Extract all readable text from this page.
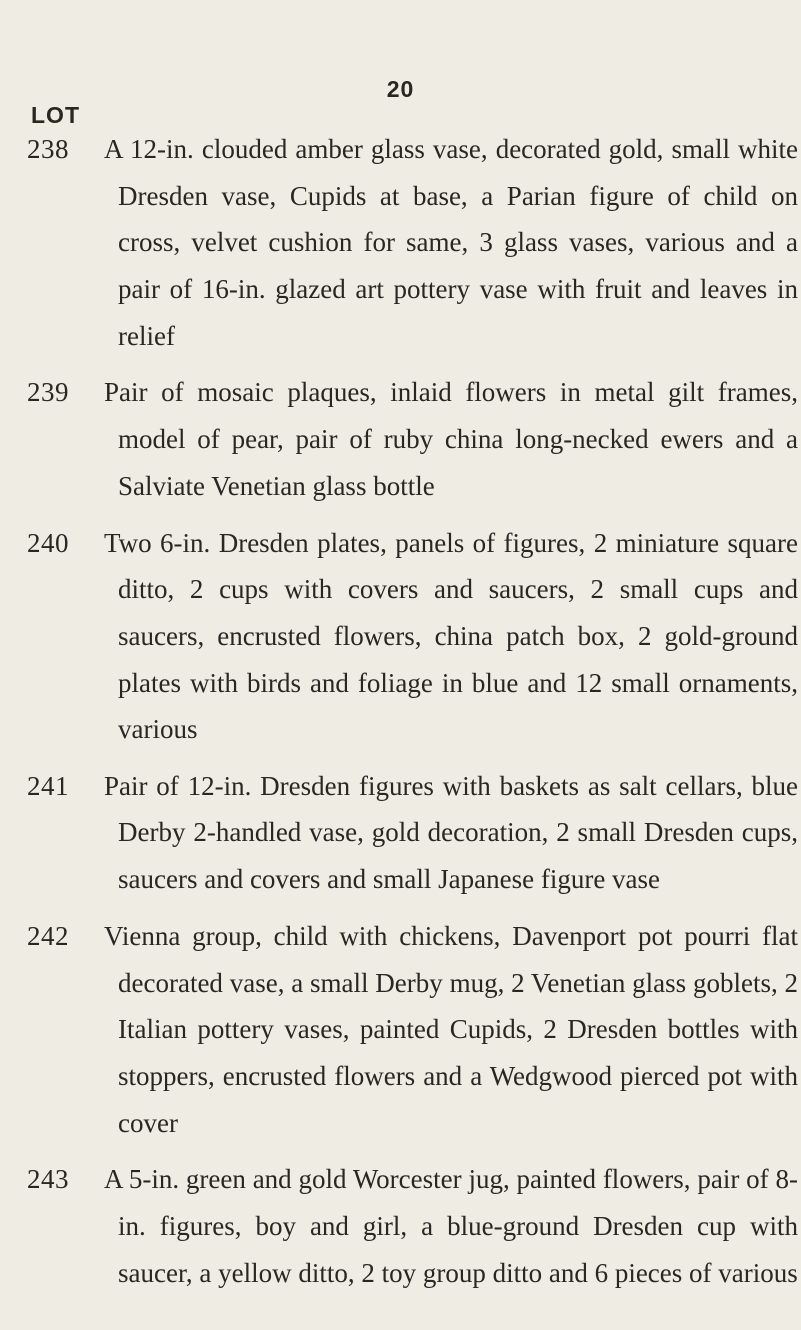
20
LOT
238 A 12-in. clouded amber glass vase, decorated gold, small white Dresden vase, Cupids at base, a Parian figure of child on cross, velvet cushion for same, 3 glass vases, various and a pair of 16-in. glazed art pottery vase with fruit and leaves in relief

239 Pair of mosaic plaques, inlaid flowers in metal gilt frames, model of pear, pair of ruby china long-necked ewers and a Salviate Venetian glass bottle

240 Two 6-in. Dresden plates, panels of figures, 2 miniature square ditto, 2 cups with covers and saucers, 2 small cups and saucers, encrusted flowers, china patch box, 2 gold-ground plates with birds and foliage in blue and 12 small ornaments, various

241 Pair of 12-in. Dresden figures with baskets as salt cellars, blue Derby 2-handled vase, gold decoration, 2 small Dresden cups, saucers and covers and small Japanese figure vase

242 Vienna group, child with chickens, Davenport pot pourri flat decorated vase, a small Derby mug, 2 Venetian glass goblets, 2 Italian pottery vases, painted Cupids, 2 Dresden bottles with stoppers, encrusted flowers and a Wedgwood pierced pot with cover

243 A 5-in. green and gold Worcester jug, painted flowers, pair of 8-in. figures, boy and girl, a blue-ground Dresden cup with saucer, a yellow ditto, 2 toy group ditto and 6 pieces of various
